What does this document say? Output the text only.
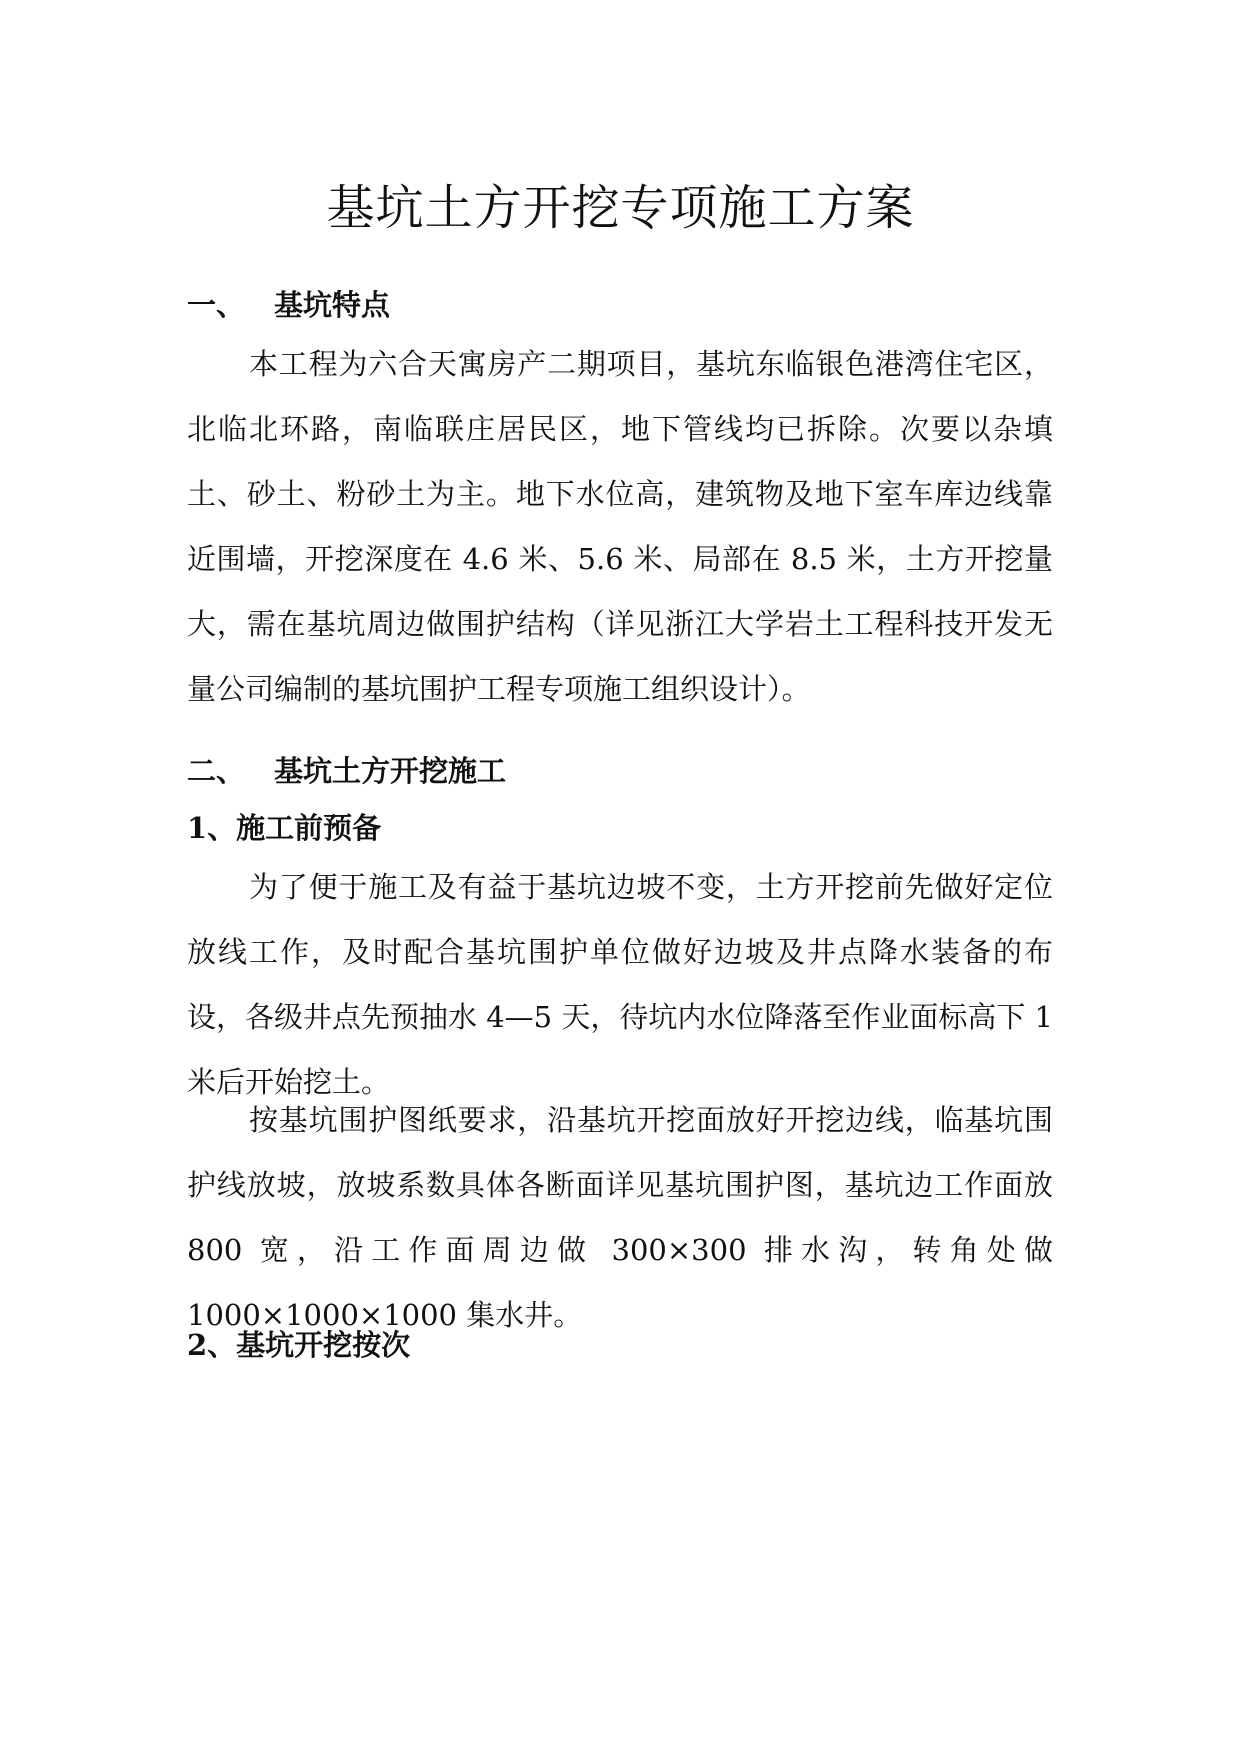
基坑土方开挖专项施工方案
一、 基坑特点

本工程为六合天寓房产二期项目，基坑东临银色港湾住宅区，北临北环路，南临联庄居民区，地下管线均已拆除。次要以杂填土、砂土、粉砂土为主。地下水位高，建筑物及地下室车库边线靠近围墙，开挖深度在 4.6 米、5.6 米、局部在 8.5 米，土方开挖量大，需在基坑周边做围护结构（详见浙江大学岩土工程科技开发无量公司编制的基坑围护工程专项施工组织设计）。

二、 基坑土方开挖施工
1、施工前预备

为了便于施工及有益于基坑边坡不变，土方开挖前先做好定位放线工作，及时配合基坑围护单位做好边坡及井点降水装备的布设，各级井点先预抽水 4—5 天，待坑内水位降落至作业面标高下 1 米后开始挖土。

按基坑围护图纸要求，沿基坑开挖面放好开挖边线，临基坑围护线放坡，放坡系数具体各断面详见基坑围护图，基坑边工作面放 800 宽，沿工作面周边做 300×300 排水沟，转角处做 1000×1000×1000 集水井。

2、基坑开挖按次
